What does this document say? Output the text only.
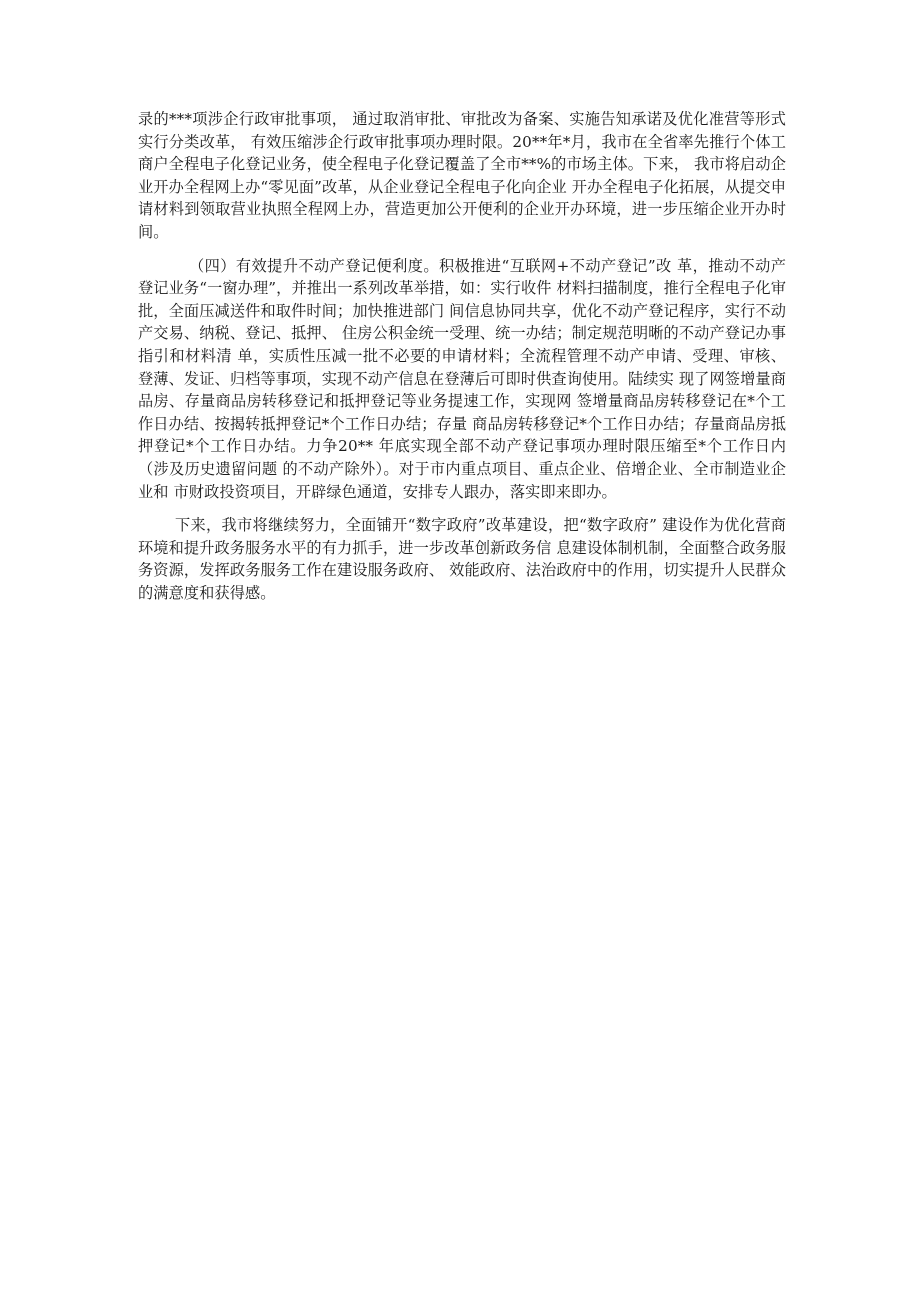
录的***项涉企行政审批事项， 通过取消审批、审批改为备案、实施告知承诺及优化准营等形式实行分类改革， 有效压缩涉企行政审批事项办理时限。20**年*月，我市在全省率先推行个体工 商户全程电子化登记业务，使全程电子化登记覆盖了全市**%的市场主体。下来， 我市将启动企业开办全程网上办“零见面”改革，从企业登记全程电子化向企业 开办全程电子化拓展，从提交申请材料到领取营业执照全程网上办，营造更加公开便利的企业开办环境，进一步压缩企业开办时间。

（四）有效提升不动产登记便利度。积极推进“互联网+不动产登记”改 革，推动不动产登记业务“一窗办理”，并推出一系列改革举措，如：实行收件 材料扫描制度，推行全程电子化审批，全面压减送件和取件时间；加快推进部门 间信息协同共享，优化不动产登记程序，实行不动产交易、纳税、登记、抵押、 住房公积金统一受理、统一办结；制定规范明晰的不动产登记办事指引和材料清 单，实质性压减一批不必要的申请材料；全流程管理不动产申请、受理、审核、 登薄、发证、归档等事项，实现不动产信息在登薄后可即时供查询使用。陆续实 现了网签增量商品房、存量商品房转移登记和抵押登记等业务提速工作，实现网 签增量商品房转移登记在*个工作日办结、按揭转抵押登记*个工作日办结；存量 商品房转移登记*个工作日办结；存量商品房抵押登记*个工作日办结。力争20** 年底实现全部不动产登记事项办理时限压缩至*个工作日内（涉及历史遗留问题 的不动产除外）。对于市内重点项目、重点企业、倍增企业、全市制造业企业和 市财政投资项目，开辟绿色通道，安排专人跟办，落实即来即办。

下来，我市将继续努力，全面铺开“数字政府”改革建设，把“数字政府” 建设作为优化营商环境和提升政务服务水平的有力抓手，进一步改革创新政务信 息建设体制机制，全面整合政务服务资源，发挥政务服务工作在建设服务政府、 效能政府、法治政府中的作用，切实提升人民群众的满意度和获得感。
